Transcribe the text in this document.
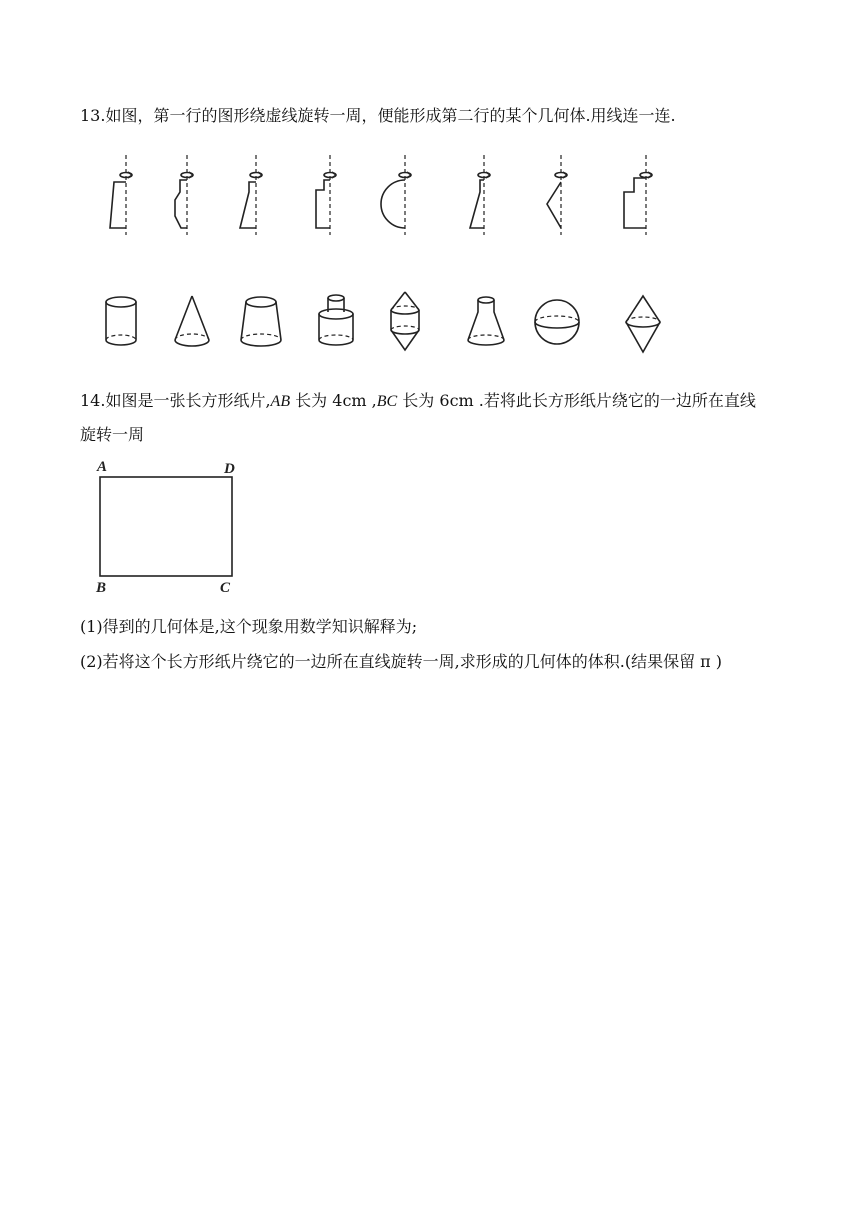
13.如图，第一行的图形绕虚线旋转一周，便能形成第二行的某个几何体.用线连一连.
14.如图是一张长方形纸片,AB 长为 4cm ,BC 长为 6cm .若将此长方形纸片绕它的一边所在直线
旋转一周
A	D
B	C
(1)得到的几何体是,这个现象用数学知识解释为;
(2)若将这个长方形纸片绕它的一边所在直线旋转一周,求形成的几何体的体积.(结果保留 π )
